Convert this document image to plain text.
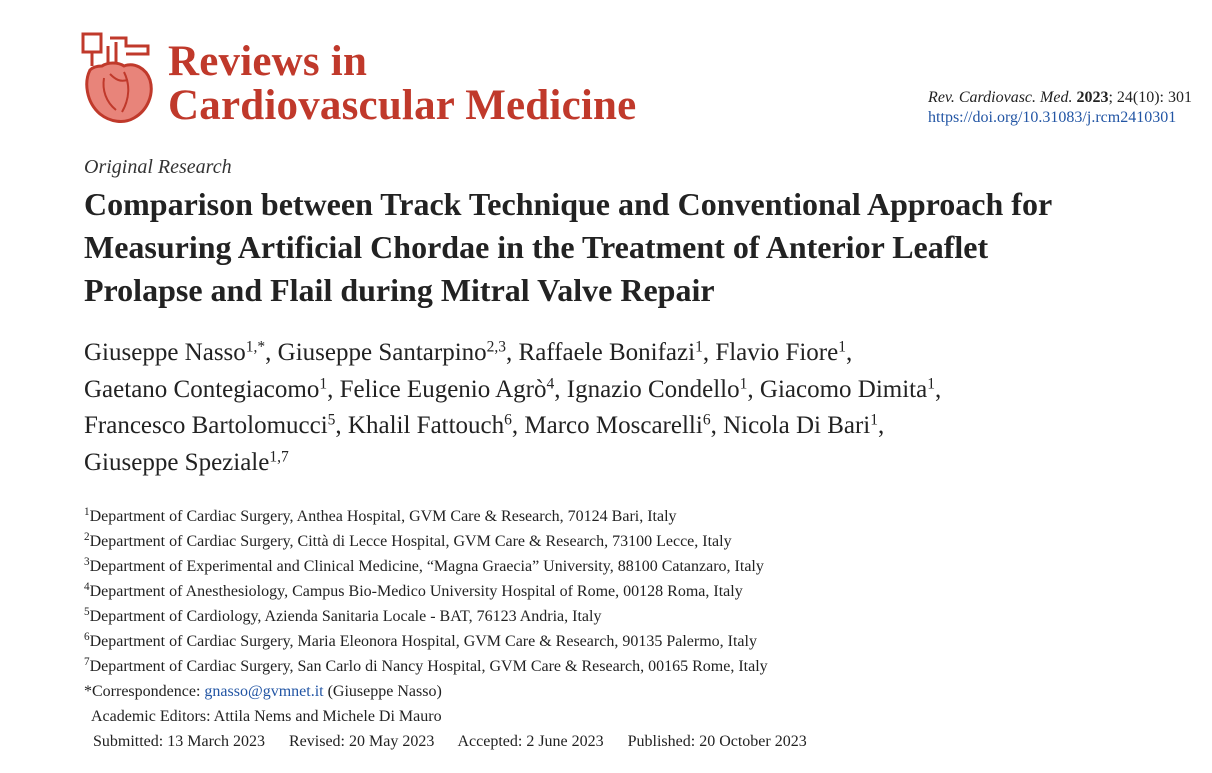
Reviews in
Cardiovascular Medicine	Rev. Cardiovasc. Med. 2023; 24(10): 301
https://doi.org/10.31083/j.rcm2410301
Original Research
Comparison between Track Technique and Conventional Approach for
Measuring Artificial Chordae in the Treatment of Anterior Leaflet
Prolapse and Flail during Mitral Valve Repair
Giuseppe Nasso$^{1,*}$, Giuseppe Santarpino$^{2,3}$, Raffaele Bonifazi$^1$, Flavio Fiore$^1$,
Gaetano Contegiacomo$^1$, Felice Eugenio Agrò$^4$, Ignazio Condello$^1$, Giacomo Dimita$^1$,
Francesco Bartolomucci$^5$, Khalil Fattouch$^6$, Marco Moscarelli$^6$, Nicola Di Bari$^1$,
Giuseppe Speziale$^{1,7}$
$^1$Department of Cardiac Surgery, Anthea Hospital, GVM Care & Research, 70124 Bari, Italy
$^2$Department of Cardiac Surgery, Città di Lecce Hospital, GVM Care & Research, 73100 Lecce, Italy
$^3$Department of Experimental and Clinical Medicine, “Magna Graecia” University, 88100 Catanzaro, Italy
$^4$Department of Anesthesiology, Campus Bio-Medico University Hospital of Rome, 00128 Roma, Italy
$^5$Department of Cardiology, Azienda Sanitaria Locale - BAT, 76123 Andria, Italy
$^6$Department of Cardiac Surgery, Maria Eleonora Hospital, GVM Care & Research, 90135 Palermo, Italy
$^7$Department of Cardiac Surgery, San Carlo di Nancy Hospital, GVM Care & Research, 00165 Rome, Italy
*Correspondence: gnasso@gvmnet.it (Giuseppe Nasso)
Academic Editors: Attila Nems and Michele Di Mauro
Submitted: 13 March 2023 Revised: 20 May 2023 Accepted: 2 June 2023 Published: 20 October 2023
